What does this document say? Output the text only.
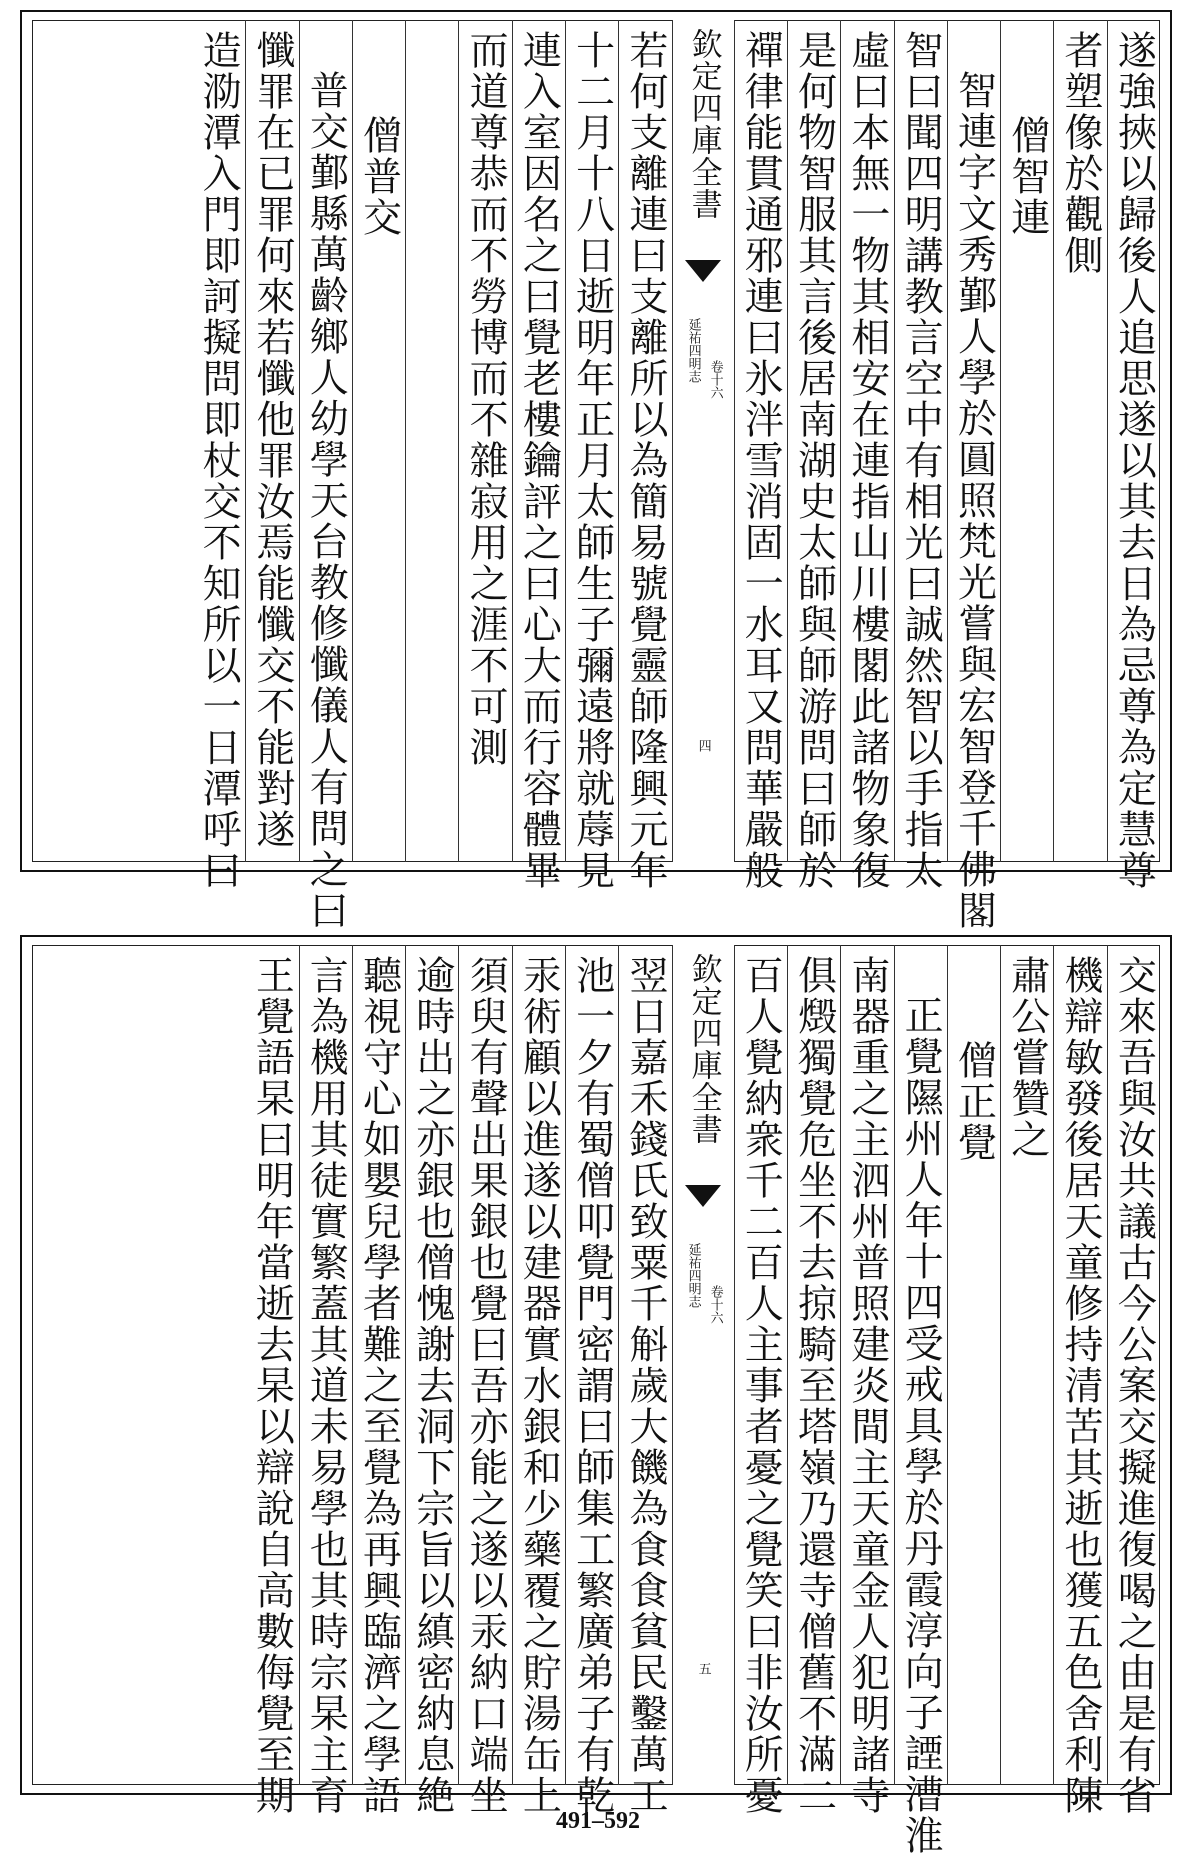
遂強挾以歸後人追思遂以其去日為忌尊為定慧尊
者塑像於觀側
僧智連
智連字文秀鄞人學於圓照梵光嘗與宏智登千佛閣
智曰聞四明講教言空中有相光曰誠然智以手指太
虛曰本無一物其相安在連指山川樓閣此諸物象復
是何物智服其言後居南湖史太師與師游問曰師於
禪律能貫通邪連曰氷泮雪消固一水耳又問華嚴般
欽定四庫全書
延祐四明志 卷十六
四
若何支離連曰支離所以為簡易號覺靈師隆興元年
十二月十八日逝明年正月太師生子彌遠將就蓐見
連入室因名之曰覺老樓鑰評之曰心大而行容體畢
而道尊恭而不勞博而不雜寂用之涯不可測
僧普交
普交鄞縣萬齡鄉人幼學天台教修懺儀人有問之曰
懺罪在已罪何來若懺他罪汝焉能懺交不能對遂
造泐潭入門即訶擬問即杖交不知所以一日潭呼曰
交來吾與汝共議古今公案交擬進復喝之由是有省
機辯敏發後居天童修持清苦其逝也獲五色舍利陳
肅公嘗贊之
僧正覺
正覺隰州人年十四受戒具學於丹霞淳向子諲漕淮
南器重之主泗州普照建炎間主天童金人犯明諸寺
俱燬獨覺危坐不去掠騎至塔嶺乃還寺僧舊不滿二
百人覺納衆千二百人主事者憂之覺笑曰非汝所憂
欽定四庫全書
延祐四明志 卷十六
五
翌日嘉禾錢氏致粟千斛歲大饑為食食貧民鑿萬工
池一夕有蜀僧叩覺門密謂曰師集工繁廣弟子有乾
汞術顧以進遂以建器實水銀和少藥覆之貯湯缶上
須臾有聲出果銀也覺曰吾亦能之遂以汞納口端坐
逾時出之亦銀也僧愧謝去洞下宗旨以縝密納息絶
聽視守心如嬰兒學者難之至覺為再興臨濟之學語
言為機用其徒實繁蓋其道未易學也其時宗杲主育
王覺語杲曰明年當逝去杲以辯說自高數侮覺至期
491–592
